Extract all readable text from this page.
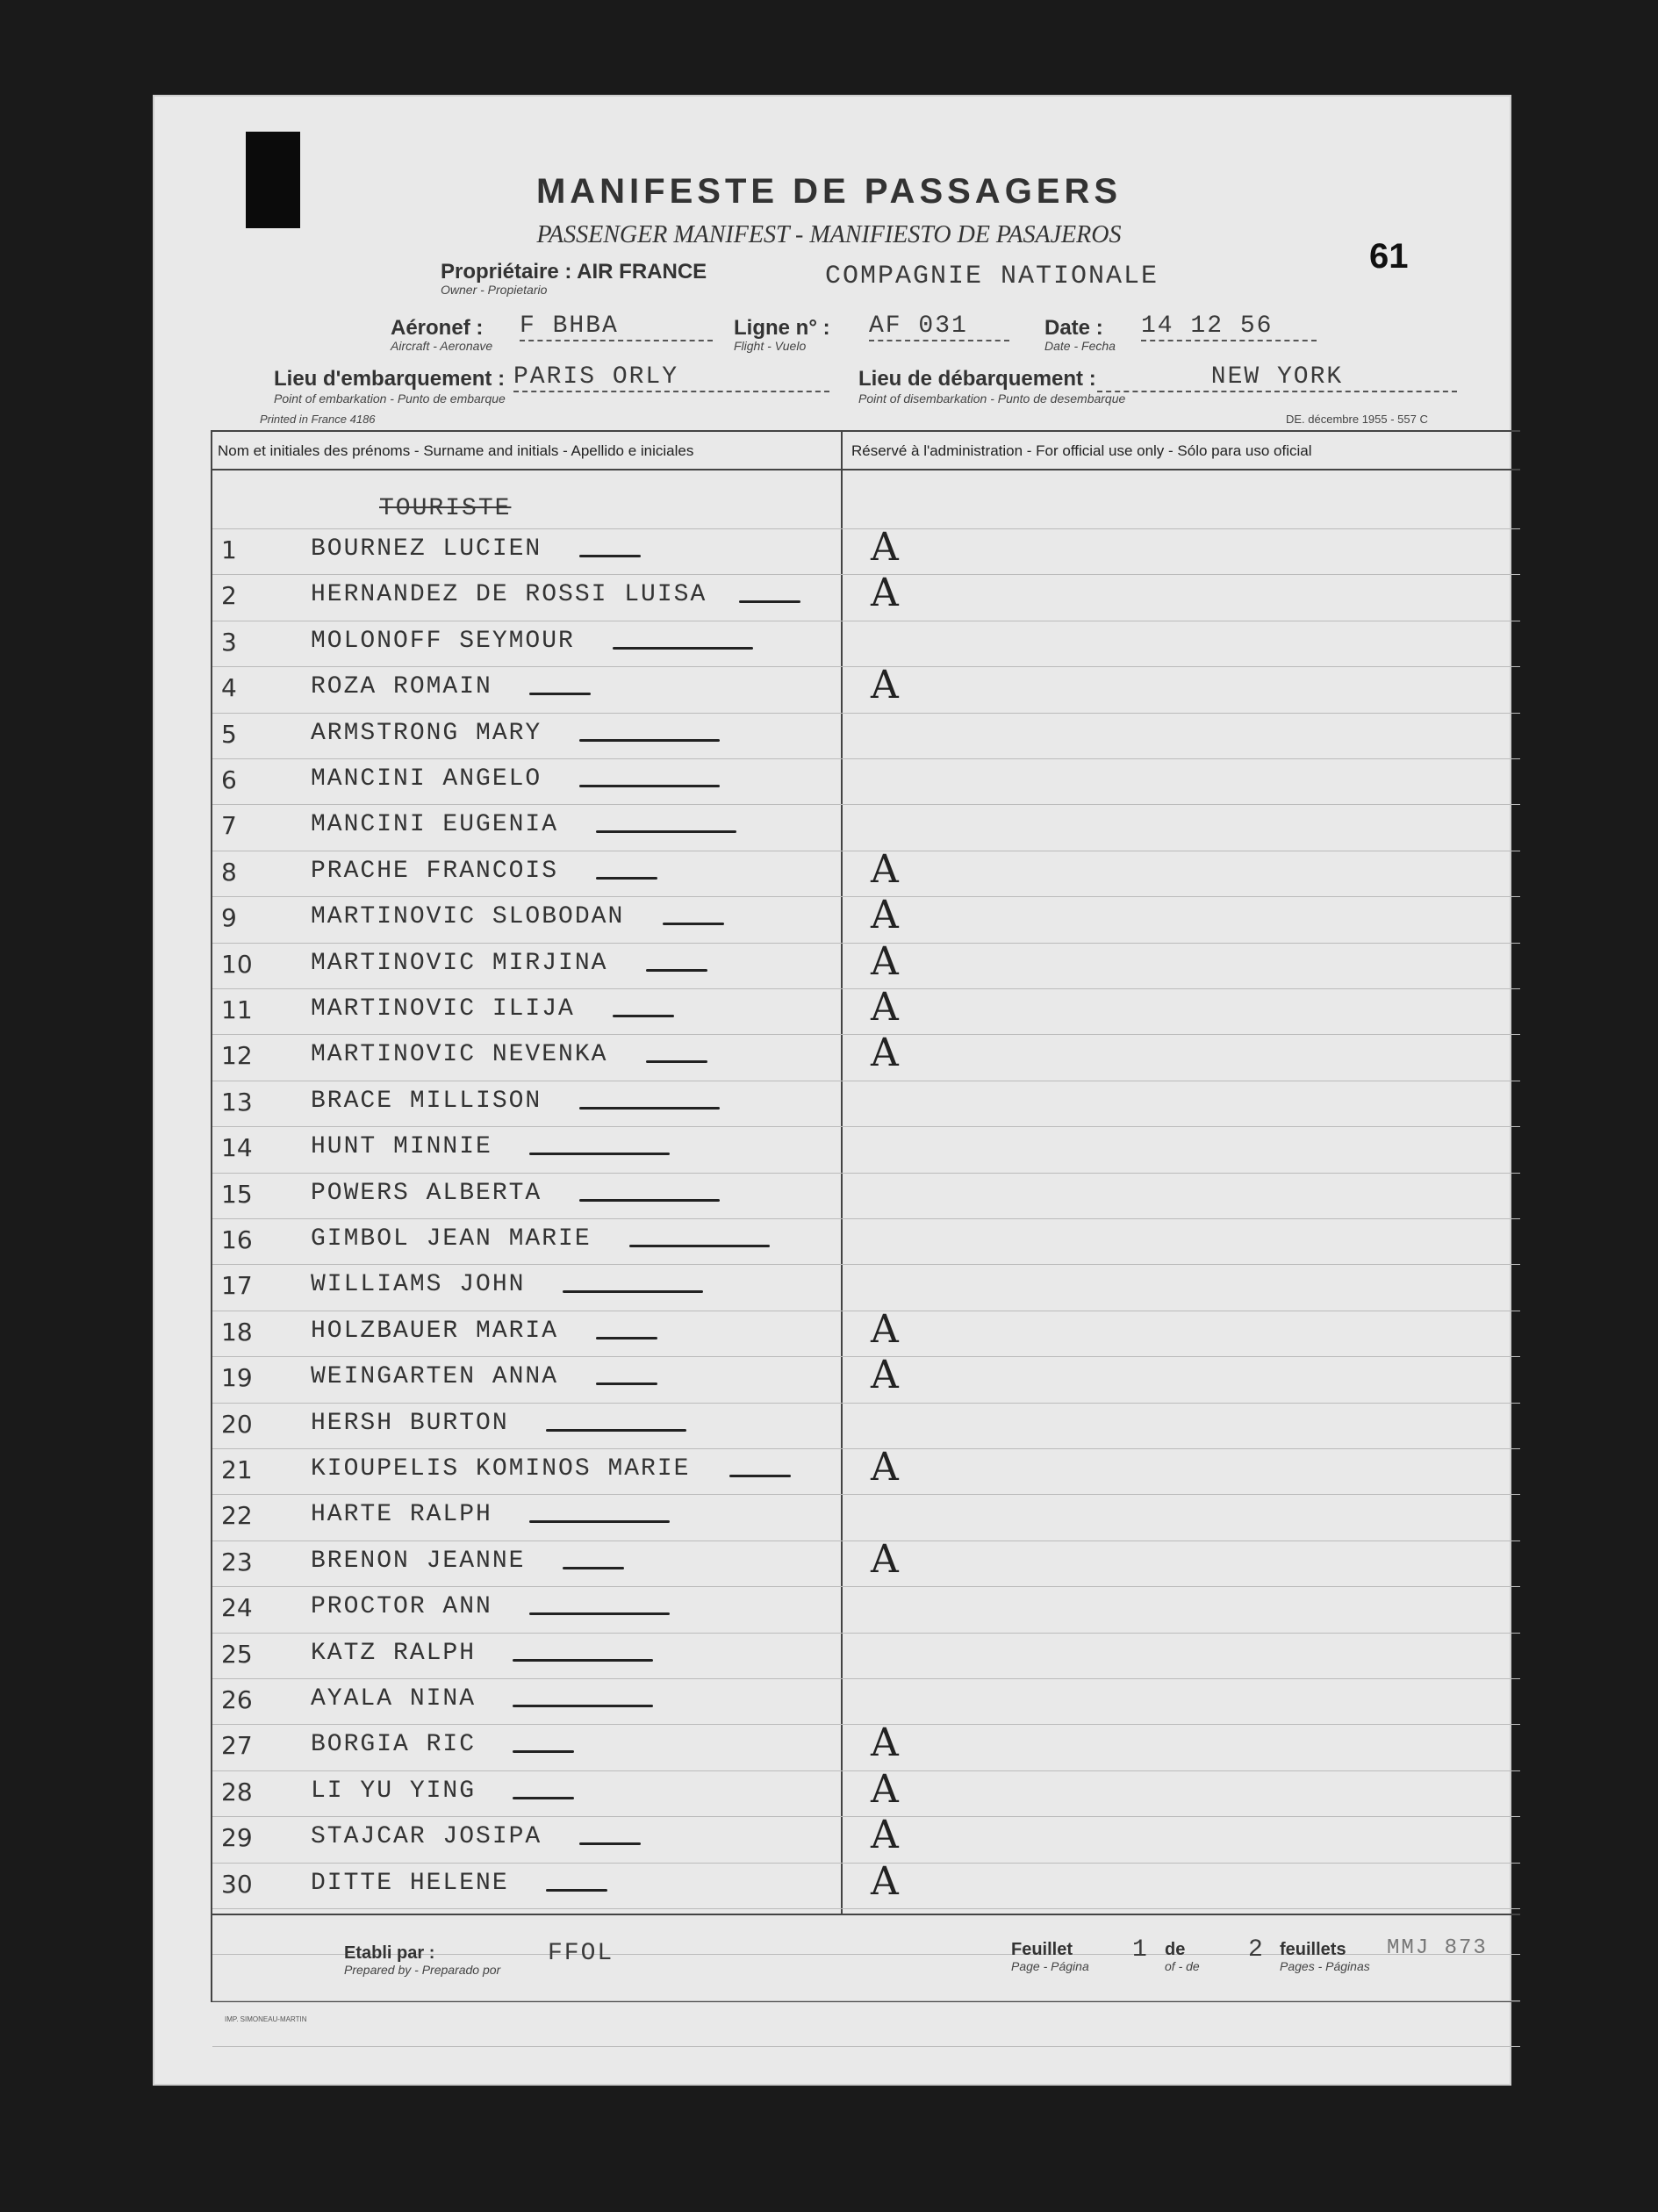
61
MANIFESTE DE PASSAGERS
PASSENGER MANIFEST - MANIFIESTO DE PASAJEROS
Propriétaire : AIR FRANCE
Owner - Propietario	COMPAGNIE NATIONALE
Aéronef :
Aircraft - Aeronave
F BHBA	Ligne n° :
Flight - Vuelo
AF 031	Date :
Date - Fecha
14 12 56
Lieu d'embarquement :
Point of embarkation - Punto de embarque
PARIS ORLY	Lieu de débarquement :
Point of disembarkation - Punto de desembarque
NEW YORK
Printed in France 4186	DE. décembre 1955 - 557 C
Nom et initiales des prénoms - Surname and initials - Apellido e iniciales	Réservé à l'administration - For official use only - Sólo para uso oficial
TOURISTE
1	BOURNEZ LUCIEN	A
2	HERNANDEZ DE ROSSI LUISA	A
3	MOLONOFF SEYMOUR
4	ROZA ROMAIN	A
5	ARMSTRONG MARY
6	MANCINI ANGELO
7	MANCINI EUGENIA
8	PRACHE FRANCOIS	A
9	MARTINOVIC SLOBODAN	A
10	MARTINOVIC MIRJINA	A
11	MARTINOVIC ILIJA	A
12	MARTINOVIC NEVENKA	A
13	BRACE MILLISON
14	HUNT MINNIE
15	POWERS ALBERTA
16	GIMBOL JEAN MARIE
17	WILLIAMS JOHN
18	HOLZBAUER MARIA	A
19	WEINGARTEN ANNA	A
20	HERSH BURTON
21	KIOUPELIS KOMINOS MARIE	A
22	HARTE RALPH
23	BRENON JEANNE	A
24	PROCTOR ANN
25	KATZ RALPH
26	AYALA NINA
27	BORGIA RIC	A
28	LI YU YING	A
29	STAJCAR JOSIPA	A
30	DITTE HELENE	A
Etabli par :
Prepared by - Preparado por
FFOL	Feuillet
Page - Página
1 de
of - de
2 feuillets
Pages - Páginas
MMJ 873
IMP. SIMONEAU-MARTIN
